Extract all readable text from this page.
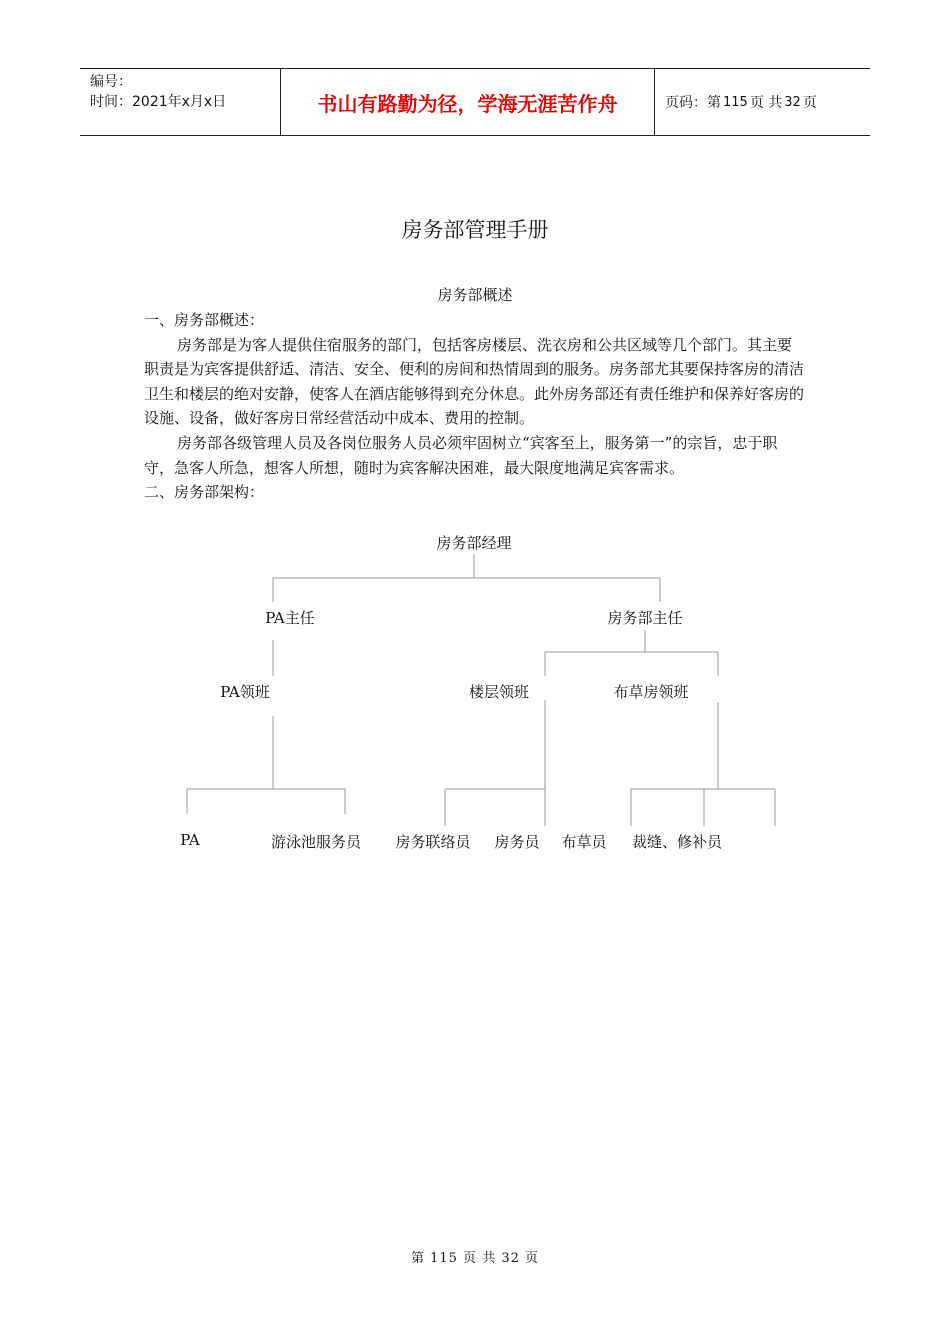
编号：
时间：2021年x月x日	书山有路勤为径，学海无涯苦作舟	页码：第 115 页 共 32 页
房务部管理手册
房务部概述

一、房务部概述：

房务部是为客人提供住宿服务的部门，包括客房楼层、洗衣房和公共区域等几个部门。其主要职责是为宾客提供舒适、清洁、安全、便利的房间和热情周到的服务。房务部尤其要保持客房的清洁卫生和楼层的绝对安静，使客人在酒店能够得到充分休息。此外房务部还有责任维护和保养好客房的设施、设备，做好客房日常经营活动中成本、费用的控制。

房务部各级管理人员及各岗位服务人员必须牢固树立“宾客至上，服务第一”的宗旨，忠于职守，急客人所急，想客人所想，随时为宾客解决困难，最大限度地满足宾客需求。

二、房务部架构：

房务部经理
PA主任	房务部主任
PA领班	楼层领班	布草房领班
PA	游泳池服务员 房务联络员 房务员 布草员 裁缝、修补员
第 115 页 共 32 页
